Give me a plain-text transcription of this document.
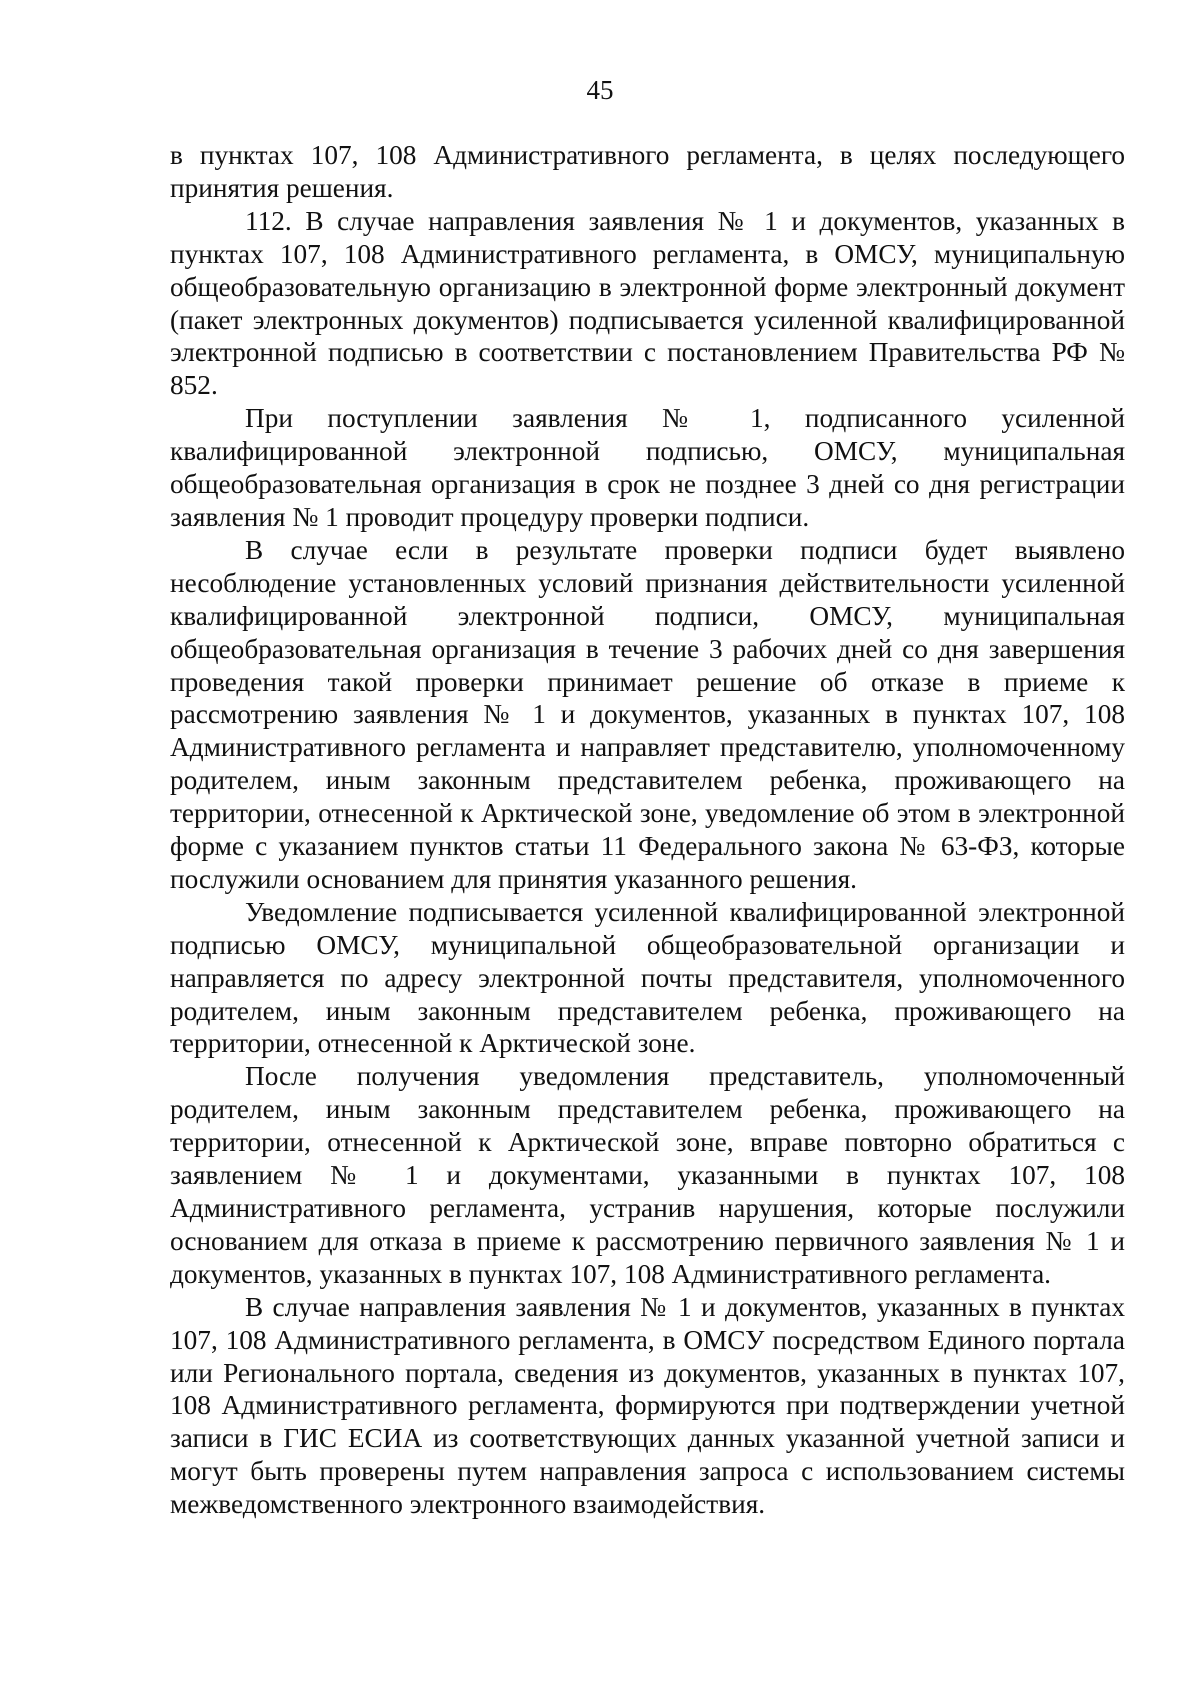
45

в пунктах 107, 108 Административного регламента, в целях последующего принятия решения.

112. В случае направления заявления № 1 и документов, указанных в пунктах 107, 108 Административного регламента, в ОМСУ, муниципальную общеобразовательную организацию в электронной форме электронный документ (пакет электронных документов) подписывается усиленной квалифицированной электронной подписью в соответствии с постановлением Правительства РФ № 852.

При поступлении заявления № 1, подписанного усиленной квалифицированной электронной подписью, ОМСУ, муниципальная общеобразовательная организация в срок не позднее 3 дней со дня регистрации заявления № 1 проводит процедуру проверки подписи.

В случае если в результате проверки подписи будет выявлено несоблюдение установленных условий признания действительности усиленной квалифицированной электронной подписи, ОМСУ, муниципальная общеобразовательная организация в течение 3 рабочих дней со дня завершения проведения такой проверки принимает решение об отказе в приеме к рассмотрению заявления № 1 и документов, указанных в пунктах 107, 108 Административного регламента и направляет представителю, уполномоченному родителем, иным законным представителем ребенка, проживающего на территории, отнесенной к Арктической зоне, уведомление об этом в электронной форме с указанием пунктов статьи 11 Федерального закона № 63-ФЗ, которые послужили основанием для принятия указанного решения.

Уведомление подписывается усиленной квалифицированной электронной подписью ОМСУ, муниципальной общеобразовательной организации и направляется по адресу электронной почты представителя, уполномоченного родителем, иным законным представителем ребенка, проживающего на территории, отнесенной к Арктической зоне.

После получения уведомления представитель, уполномоченный родителем, иным законным представителем ребенка, проживающего на территории, отнесенной к Арктической зоне, вправе повторно обратиться с заявлением № 1 и документами, указанными в пунктах 107, 108 Административного регламента, устранив нарушения, которые послужили основанием для отказа в приеме к рассмотрению первичного заявления № 1 и документов, указанных в пунктах 107, 108 Административного регламента.

В случае направления заявления № 1 и документов, указанных в пунктах 107, 108 Административного регламента, в ОМСУ посредством Единого портала или Регионального портала, сведения из документов, указанных в пунктах 107, 108 Административного регламента, формируются при подтверждении учетной записи в ГИС ЕСИА из соответствующих данных указанной учетной записи и могут быть проверены путем направления запроса с использованием системы межведомственного электронного взаимодействия.
